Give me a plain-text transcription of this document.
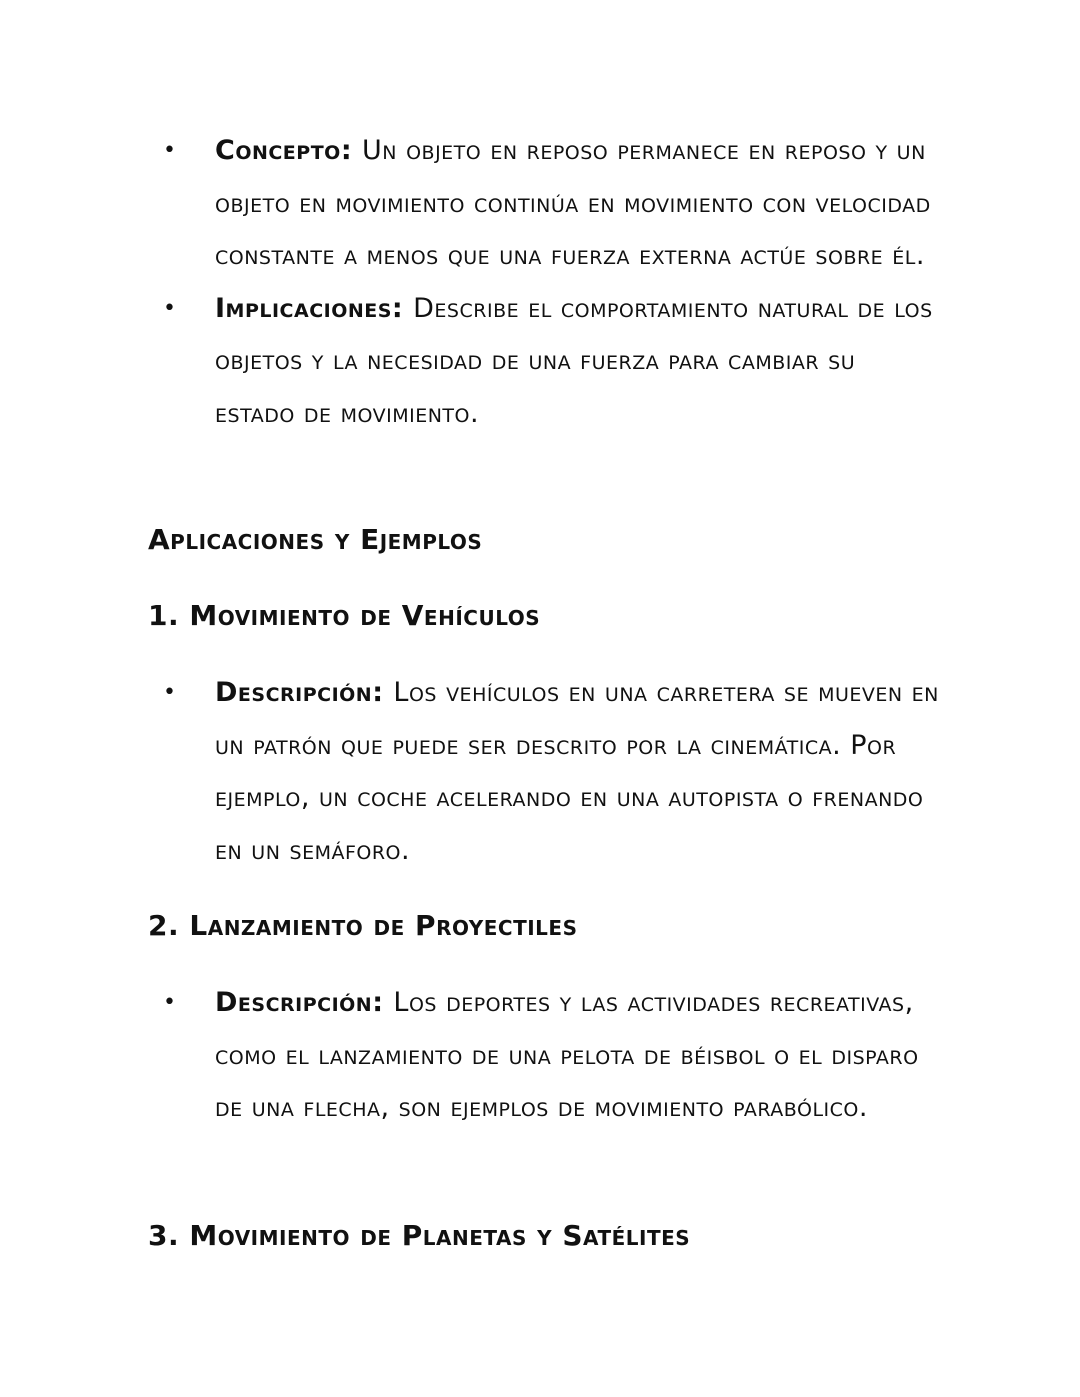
• Concepto: Un objeto en reposo permanece en reposo y un objeto en movimiento continúa en movimiento con velocidad constante a menos que una fuerza externa actúe sobre él.
• Implicaciones: Describe el comportamiento natural de los objetos y la necesidad de una fuerza para cambiar su estado de movimiento.
Aplicaciones y Ejemplos
1. Movimiento de Vehículos
• Descripción: Los vehículos en una carretera se mueven en un patrón que puede ser descrito por la cinemática. Por ejemplo, un coche acelerando en una autopista o frenando en un semáforo.
2. Lanzamiento de Proyectiles
• Descripción: Los deportes y las actividades recreativas, como el lanzamiento de una pelota de béisbol o el disparo de una flecha, son ejemplos de movimiento parabólico.
3. Movimiento de Planetas y Satélites
